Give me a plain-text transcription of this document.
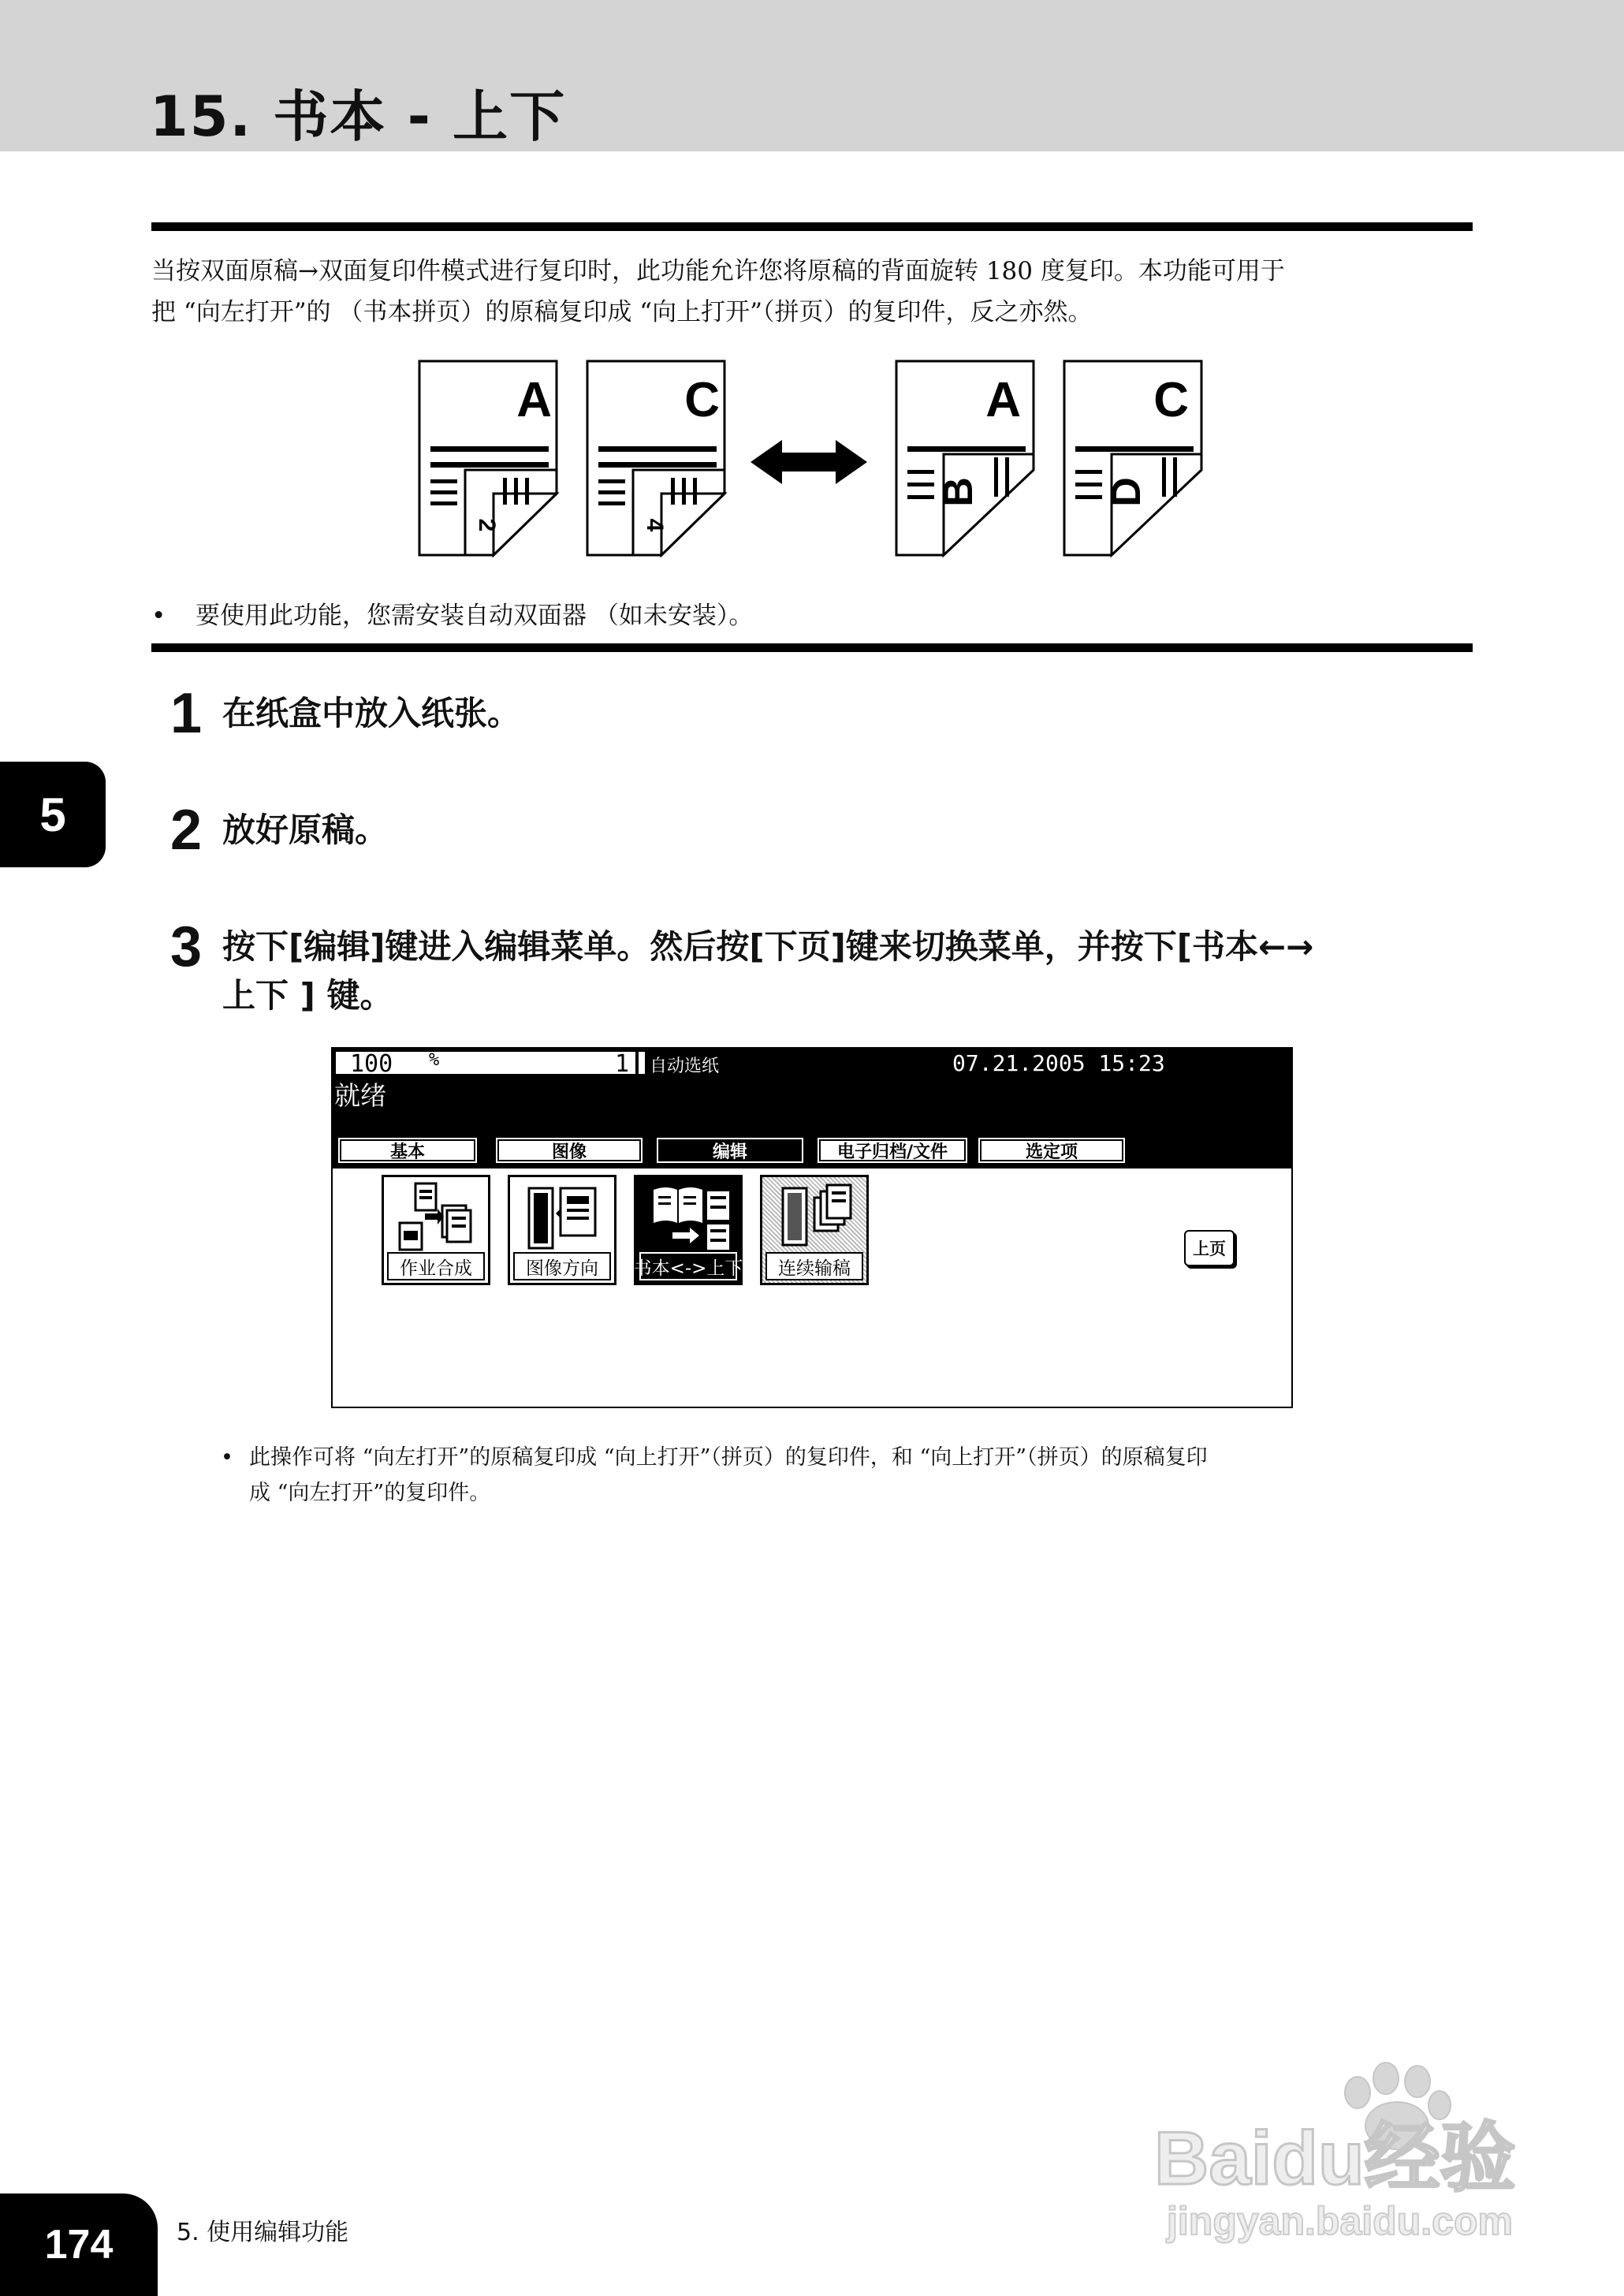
15. 书本 - 上下

当按双面原稿→双面复印件模式进行复印时，此功能允许您将原稿的背面旋转 180 度复印。本功能可用于

把 “向左打开”的 （书本拼页）的原稿复印成 “向上打开”（拼页）的复印件，反之亦然。

A
2
C
4
A
B
C
D
• 要使用此功能，您需安装自动双面器 （如未安装）。
5
1 在纸盒中放入纸张。
2 放好原稿。
3 按下[编辑]键进入编辑菜单。然后按[下页]键来切换菜单，并按下[书本←→
上下 ] 键。
100 %	1 自动选纸	07.21.2005 15:23
就绪
基本	图像	编辑	电子归档/文件	选定项
作业合成	图像方向	书本<->上下	连续输稿
上页
• 此操作可将 “向左打开”的原稿复印成 “向上打开”（拼页）的复印件，和 “向上打开”（拼页）的原稿复印
成 “向左打开”的复印件。
Baidu经验
jingyan.baidu.com
174	5. 使用编辑功能
